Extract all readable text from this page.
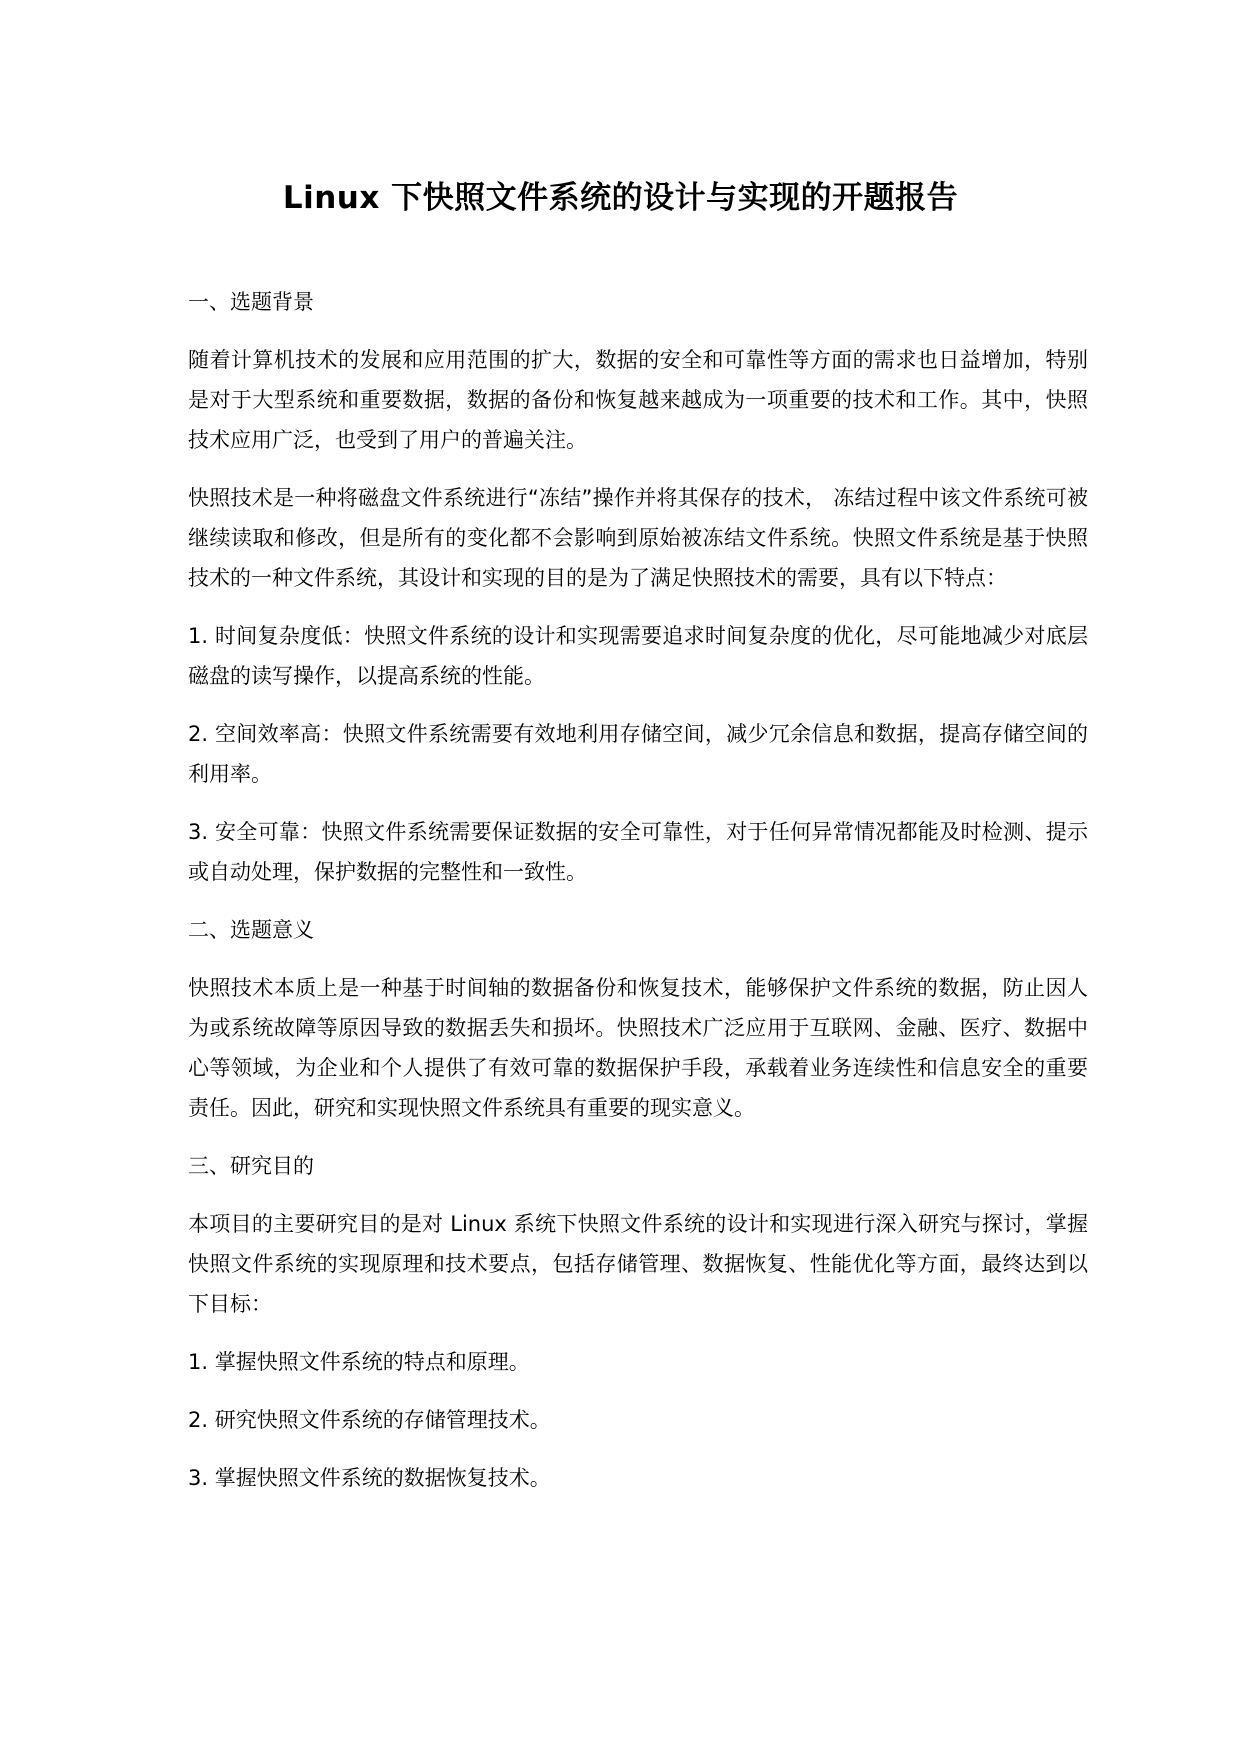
Linux 下快照文件系统的设计与实现的开题报告

一、选题背景

随着计算机技术的发展和应用范围的扩大，数据的安全和可靠性等方面的需求也日益增加，特别是对于大型系统和重要数据，数据的备份和恢复越来越成为一项重要的技术和工作。其中，快照技术应用广泛，也受到了用户的普遍关注。

快照技术是一种将磁盘文件系统进行“冻结”操作并将其保存的技术， 冻结过程中该文件系统可被继续读取和修改，但是所有的变化都不会影响到原始被冻结文件系统。快照文件系统是基于快照技术的一种文件系统，其设计和实现的目的是为了满足快照技术的需要，具有以下特点：

1. 时间复杂度低：快照文件系统的设计和实现需要追求时间复杂度的优化，尽可能地减少对底层磁盘的读写操作，以提高系统的性能。

2. 空间效率高：快照文件系统需要有效地利用存储空间，减少冗余信息和数据，提高存储空间的利用率。

3. 安全可靠：快照文件系统需要保证数据的安全可靠性，对于任何异常情况都能及时检测、提示或自动处理，保护数据的完整性和一致性。

二、选题意义

快照技术本质上是一种基于时间轴的数据备份和恢复技术，能够保护文件系统的数据，防止因人为或系统故障等原因导致的数据丢失和损坏。快照技术广泛应用于互联网、金融、医疗、数据中心等领域，为企业和个人提供了有效可靠的数据保护手段，承载着业务连续性和信息安全的重要责任。因此，研究和实现快照文件系统具有重要的现实意义。

三、研究目的

本项目的主要研究目的是对 Linux 系统下快照文件系统的设计和实现进行深入研究与探讨，掌握快照文件系统的实现原理和技术要点，包括存储管理、数据恢复、性能优化等方面，最终达到以下目标：

1. 掌握快照文件系统的特点和原理。

2. 研究快照文件系统的存储管理技术。

3. 掌握快照文件系统的数据恢复技术。
